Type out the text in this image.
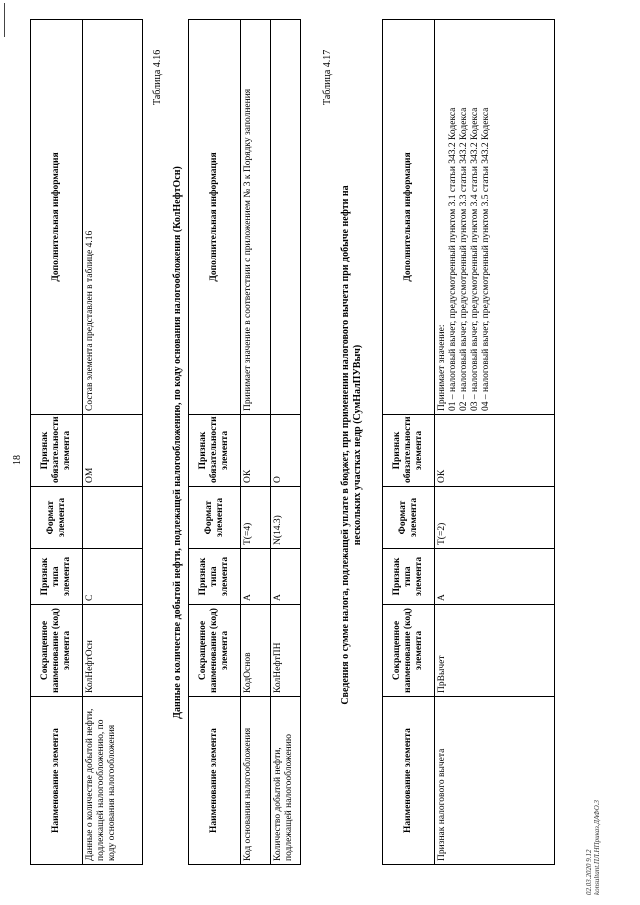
18
Наименование элемента	Сокращенное наименование (код) элемента	Признак типа элемента	Формат элемента	Признак обязательности элемента	Дополнительная информация
Данные о количестве добытой нефти, подлежащей налогообложению, по коду основания налогообложения	КолНефтОсн	С		ОМ	Состав элемента представлен в таблице 4.16
Таблица 4.16
Данные о количестве добытой нефти, подлежащей налогообложению, по коду основания налогообложения (КолНефтОсн)
Наименование элемента	Сокращенное наименование (код) элемента	Признак типа элемента	Формат элемента	Признак обязательности элемента	Дополнительная информация
Код основания налогообложения	КодОснов	А	T(=4)	ОК	Принимает значение в соответствии с приложением № 3 к Порядку заполнения
Количество добытой нефти, подлежащей налогообложению	КолНефтПН	А	N(14.3)	О	
Таблица 4.17
Сведения о сумме налога, подлежащей уплате в бюджет, при применении налогового вычета при добыче нефти на нескольких участках недр (СумНалПУВыч)
Наименование элемента	Сокращенное наименование (код) элемента	Признак типа элемента	Формат элемента	Признак обязательности элемента	Дополнительная информация
Признак налогового вычета	ПрВычет	А	T(=2)	ОК	Принимает значение: 01 – налоговый вычет, предусмотренный пунктом 3.1 статьи 343.2 Кодекса 02 – налоговый вычет, предусмотренный пунктом 3.3 статьи 343.2 Кодекса 03 – налоговый вычет, предусмотренный пунктом 3.4 статьи 343.2 Кодекса 04 – налоговый вычет, предусмотренный пунктом 3.5 статьи 343.2 Кодекса
02.03.2020 9.12 konsultant.ПЛ.НПриказ.ДАФО.3
